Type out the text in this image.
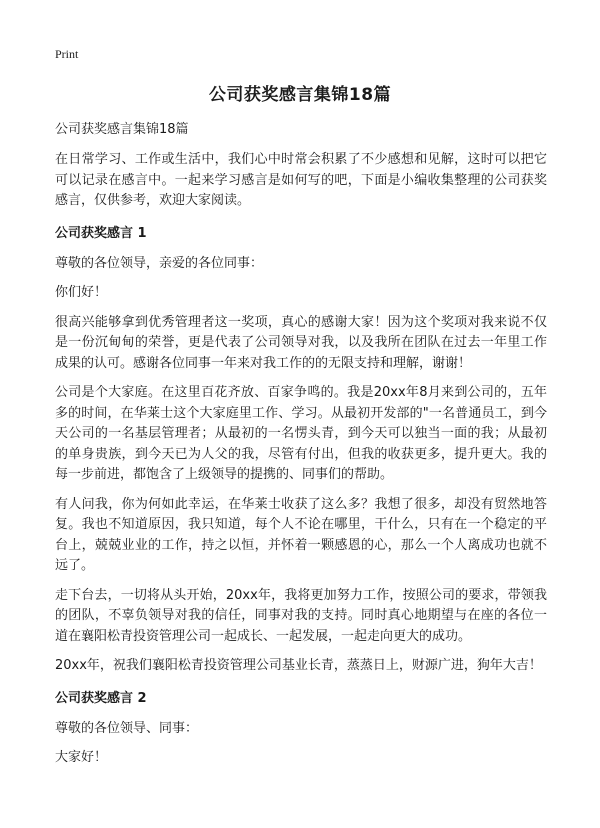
Print
公司获奖感言集锦18篇
公司获奖感言集锦18篇

在日常学习、工作或生活中，我们心中时常会积累了不少感想和见解，这时可以把它可以记录在感言中。一起来学习感言是如何写的吧，下面是小编收集整理的公司获奖感言，仅供参考，欢迎大家阅读。

公司获奖感言 1

尊敬的各位领导，亲爱的各位同事：

你们好！

很高兴能够拿到优秀管理者这一奖项，真心的感谢大家！因为这个奖项对我来说不仅是一份沉甸甸的荣誉，更是代表了公司领导对我，以及我所在团队在过去一年里工作成果的认可。感谢各位同事一年来对我工作的的无限支持和理解，谢谢！

公司是个大家庭。在这里百花齐放、百家争鸣的。我是20xx年8月来到公司的，五年多的时间，在华莱士这个大家庭里工作、学习。从最初开发部的"一名普通员工，到今天公司的一名基层管理者；从最初的一名愣头青，到今天可以独当一面的我；从最初的单身贵族，到今天已为人父的我，尽管有付出，但我的收获更多，提升更大。我的每一步前进，都饱含了上级领导的提携的、同事们的帮助。

有人问我，你为何如此幸运，在华莱士收获了这么多？我想了很多，却没有贸然地答复。我也不知道原因，我只知道，每个人不论在哪里，干什么，只有在一个稳定的平台上，兢兢业业的工作，持之以恒，并怀着一颗感恩的心，那么一个人离成功也就不远了。

走下台去，一切将从头开始，20xx年，我将更加努力工作，按照公司的要求，带领我的团队，不辜负领导对我的信任，同事对我的支持。同时真心地期望与在座的各位一道在襄阳松青投资管理公司一起成长、一起发展，一起走向更大的成功。

20xx年，祝我们襄阳松青投资管理公司基业长青，蒸蒸日上，财源广进，狗年大吉！

公司获奖感言 2

尊敬的各位领导、同事：

大家好！
